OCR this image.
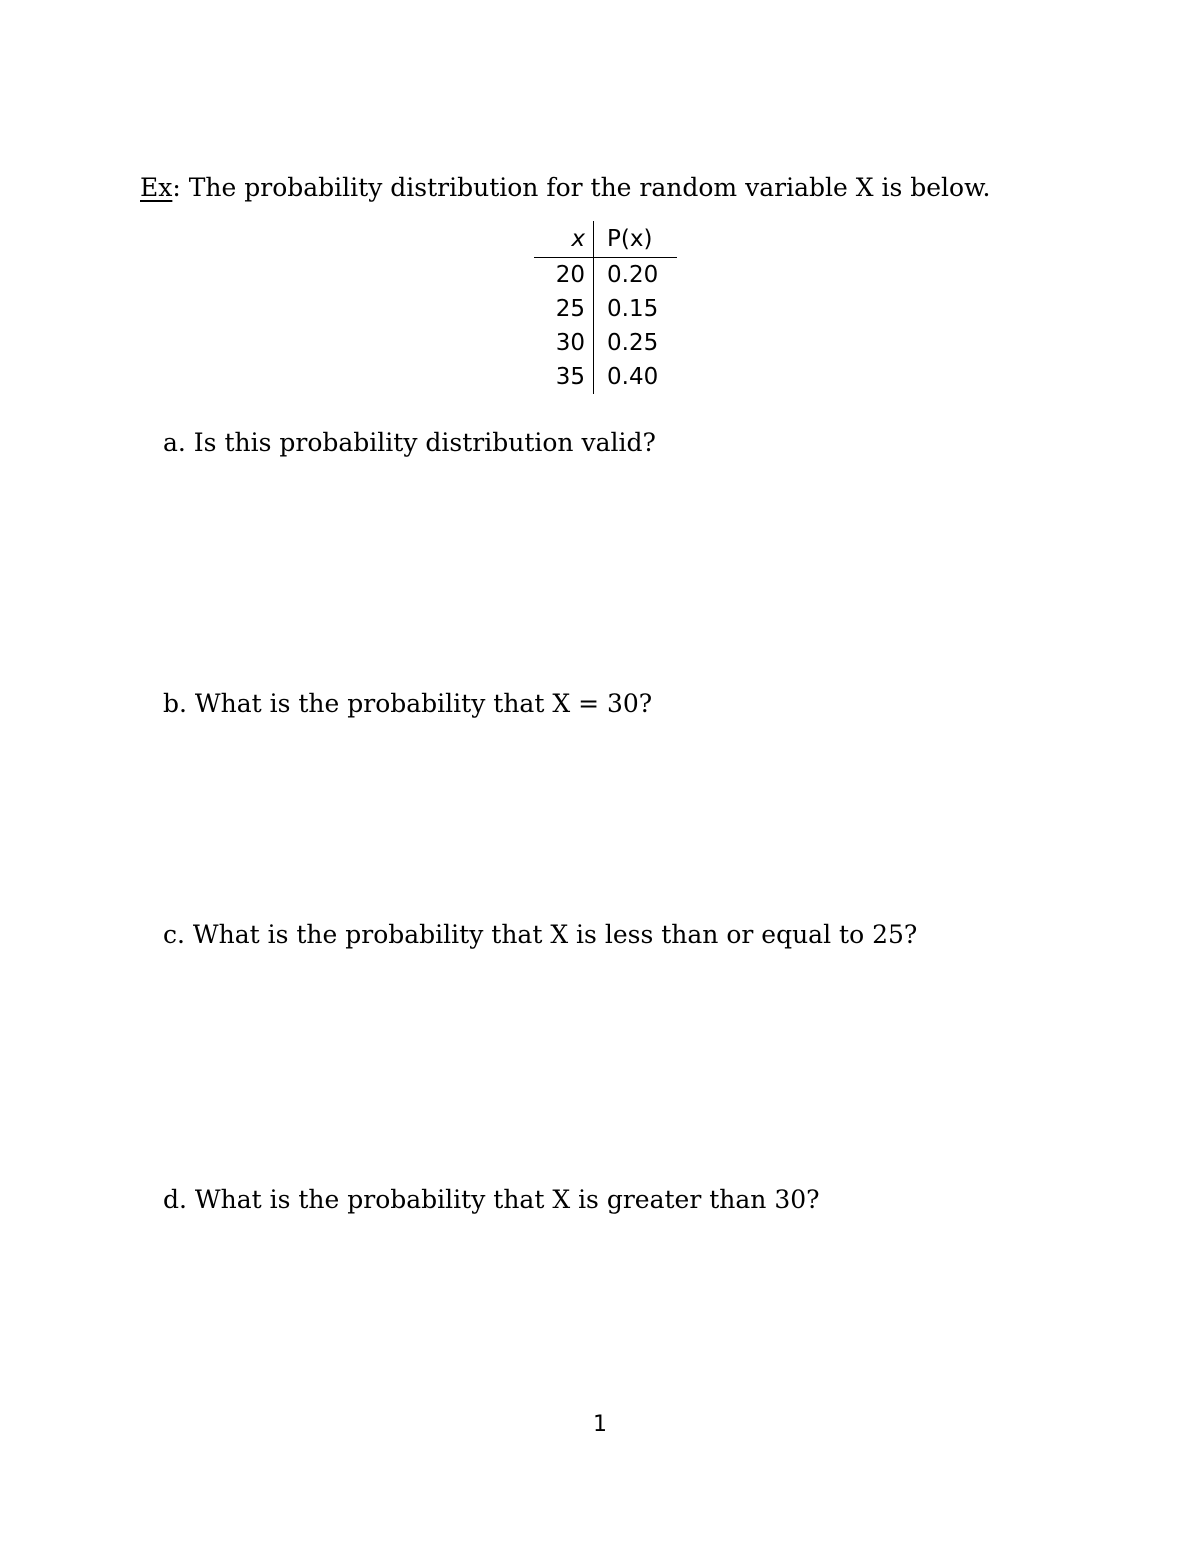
Ex: The probability distribution for the random variable X is below.
x	P(x)
20	0.20
25	0.15
30	0.25
35	0.40
a. Is this probability distribution valid?
b. What is the probability that X = 30?
c. What is the probability that X is less than or equal to 25?
d. What is the probability that X is greater than 30?
1
